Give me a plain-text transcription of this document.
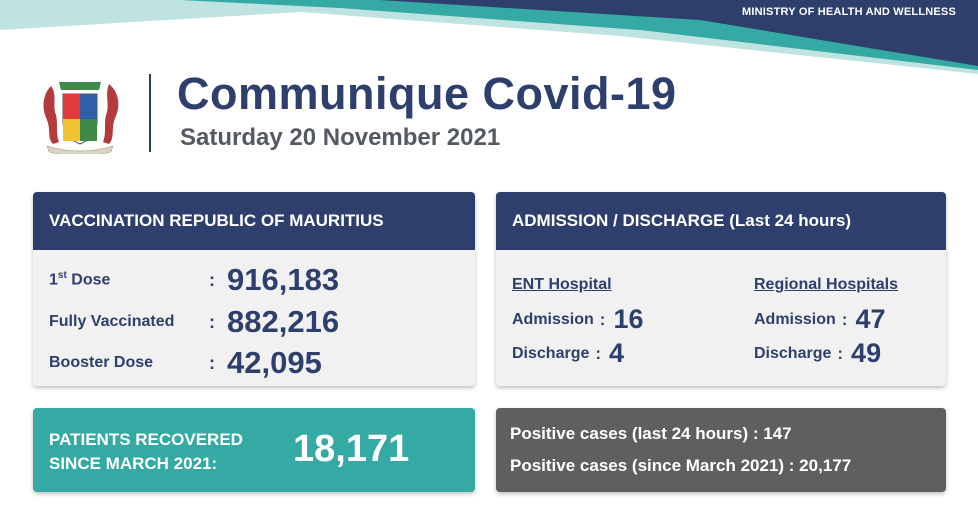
MINISTRY OF HEALTH AND WELLNESS
Communique Covid-19
Saturday 20 November 2021
VACCINATION REPUBLIC OF MAURITIUS
1st Dose	: 916,183
Fully Vaccinated	: 882,216
Booster Dose	: 42,095
ADMISSION / DISCHARGE (Last 24 hours)
ENT Hospital
Admission : 16
Discharge : 4
Regional Hospitals
Admission : 47
Discharge : 49
PATIENTS RECOVERED
SINCE MARCH 2021:	18,171	Positive cases (last 24 hours) : 147
Positive cases (since March 2021) : 20,177
